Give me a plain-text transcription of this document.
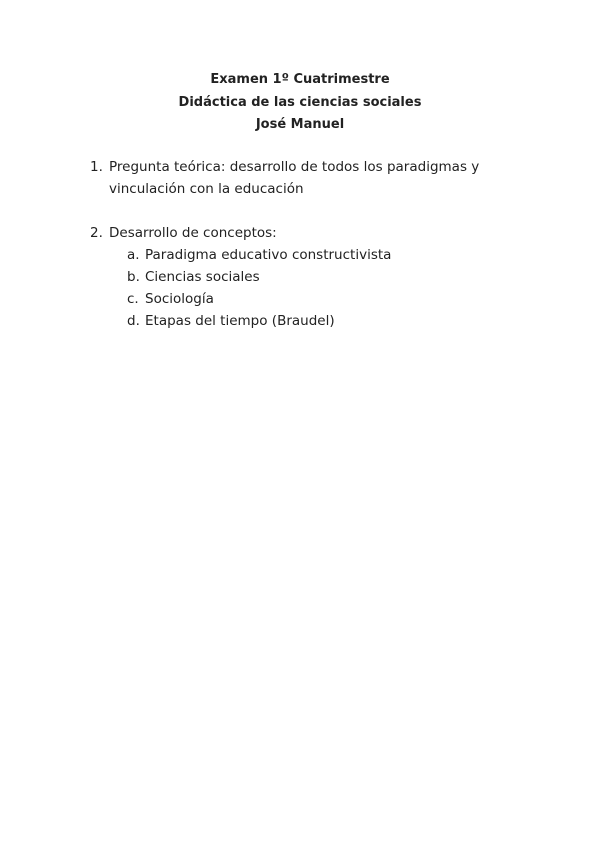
Examen 1º Cuatrimestre
Didáctica de las ciencias sociales
José Manuel
1. Pregunta teórica: desarrollo de todos los paradigmas y
vinculación con la educación
2. Desarrollo de conceptos:
a. Paradigma educativo constructivista
b. Ciencias sociales
c. Sociología
d. Etapas del tiempo (Braudel)
